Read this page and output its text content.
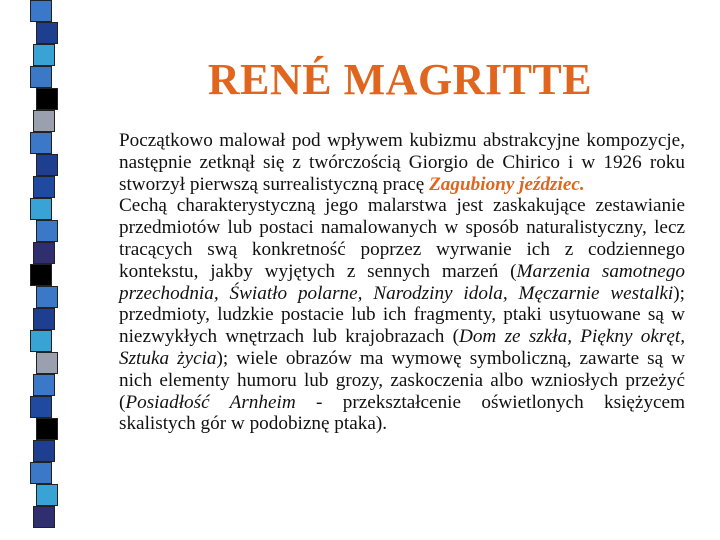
RENÉ MAGRITTE

Początkowo malował pod wpływem kubizmu abstrakcyjne kompozycje, następnie zetknął się z twórczością Giorgio de Chirico i w 1926 roku stworzył pierwszą surrealistyczną pracę Zagubiony jeździec.

Cechą charakterystyczną jego malarstwa jest zaskakujące zestawianie przedmiotów lub postaci namalowanych w sposób naturalistyczny, lecz tracących swą konkretność poprzez wyrwanie ich z codziennego kontekstu, jakby wyjętych z sennych marzeń (Marzenia samotnego przechodnia, Światło polarne, Narodziny idola, Męczarnie westalki); przedmioty, ludzkie postacie lub ich fragmenty, ptaki usytuowane są w niezwykłych wnętrzach lub krajobrazach (Dom ze szkła, Piękny okręt, Sztuka życia); wiele obrazów ma wymowę symboliczną, zawarte są w nich elementy humoru lub grozy, zaskoczenia albo wzniosłych przeżyć (Posiadłość Arnheim - przekształcenie oświetlonych księżycem skalistych gór w podobiznę ptaka).
